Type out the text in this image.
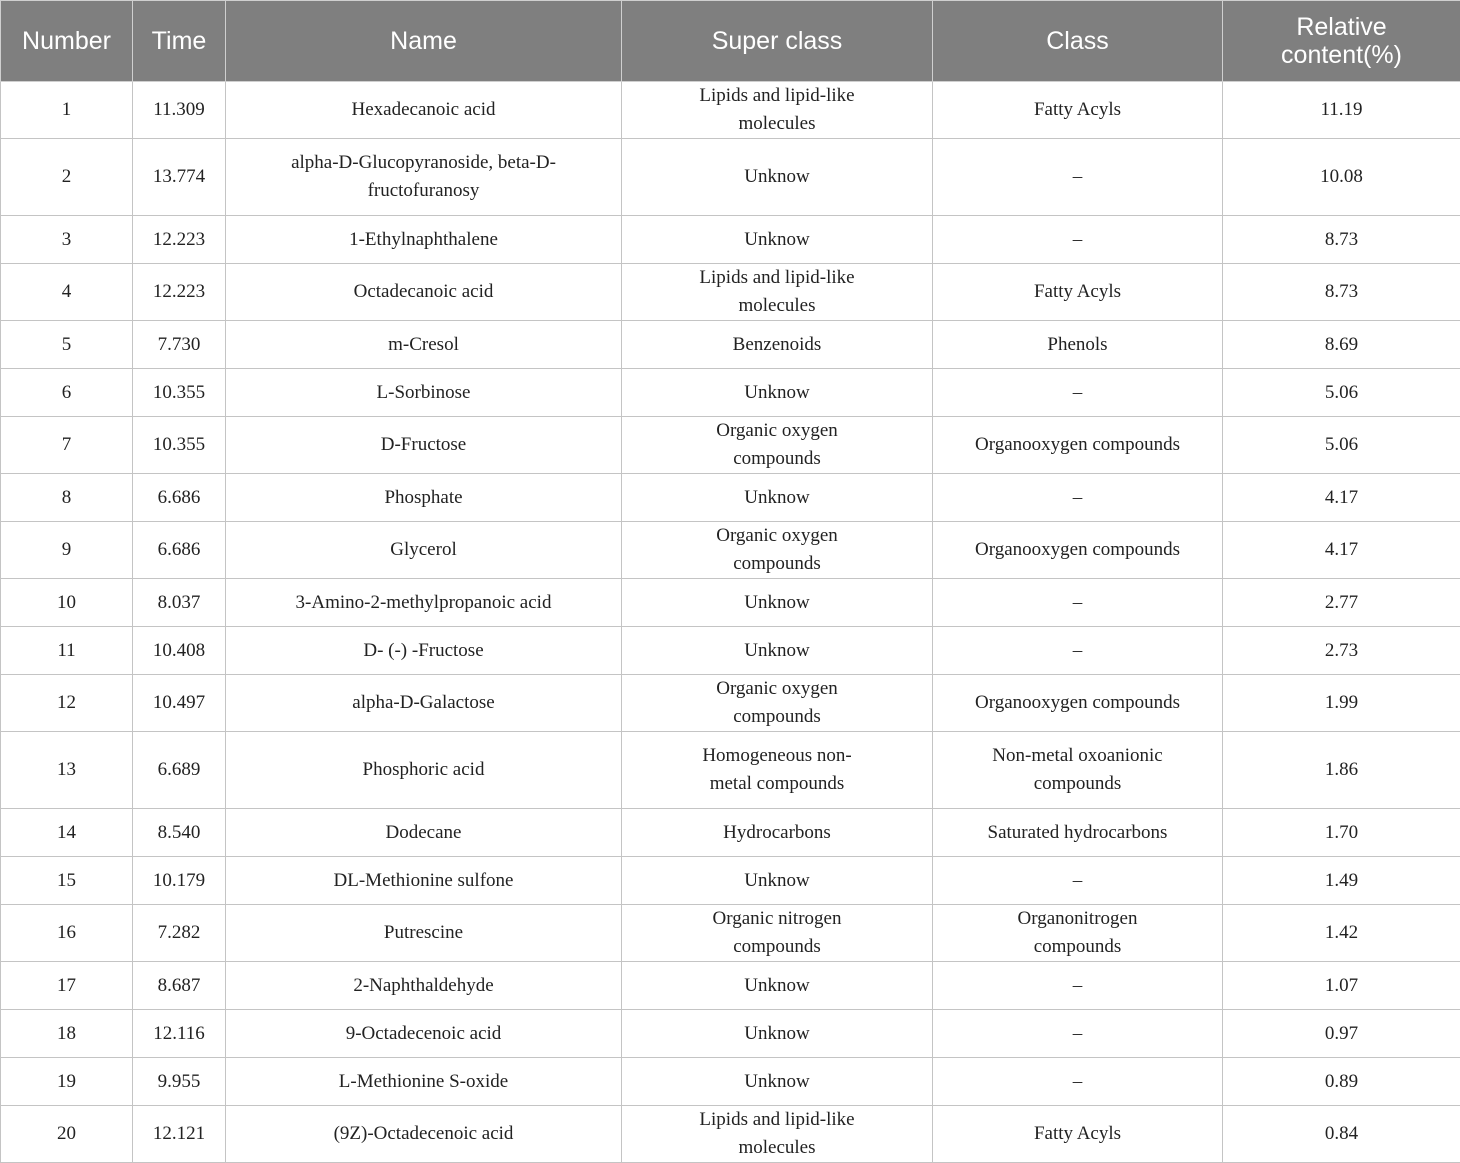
Number	Time	Name	Super class	Class	Relative content(%)
1	11.309	Hexadecanoic acid	Lipids and lipid-like molecules	Fatty Acyls	11.19
2	13.774	alpha-D-Glucopyranoside, beta-D-fructofuranosy	Unknow	–	10.08
3	12.223	1-Ethylnaphthalene	Unknow	–	8.73
4	12.223	Octadecanoic acid	Lipids and lipid-like molecules	Fatty Acyls	8.73
5	7.730	m-Cresol	Benzenoids	Phenols	8.69
6	10.355	L-Sorbinose	Unknow	–	5.06
7	10.355	D-Fructose	Organic oxygen compounds	Organooxygen compounds	5.06
8	6.686	Phosphate	Unknow	–	4.17
9	6.686	Glycerol	Organic oxygen compounds	Organooxygen compounds	4.17
10	8.037	3-Amino-2-methylpropanoic acid	Unknow	–	2.77
11	10.408	D- (-) -Fructose	Unknow	–	2.73
12	10.497	alpha-D-Galactose	Organic oxygen compounds	Organooxygen compounds	1.99
13	6.689	Phosphoric acid	Homogeneous non-metal compounds	Non-metal oxoanionic compounds	1.86
14	8.540	Dodecane	Hydrocarbons	Saturated hydrocarbons	1.70
15	10.179	DL-Methionine sulfone	Unknow	–	1.49
16	7.282	Putrescine	Organic nitrogen compounds	Organonitrogen compounds	1.42
17	8.687	2-Naphthaldehyde	Unknow	–	1.07
18	12.116	9-Octadecenoic acid	Unknow	–	0.97
19	9.955	L-Methionine S-oxide	Unknow	–	0.89
20	12.121	(9Z)-Octadecenoic acid	Lipids and lipid-like molecules	Fatty Acyls	0.84
